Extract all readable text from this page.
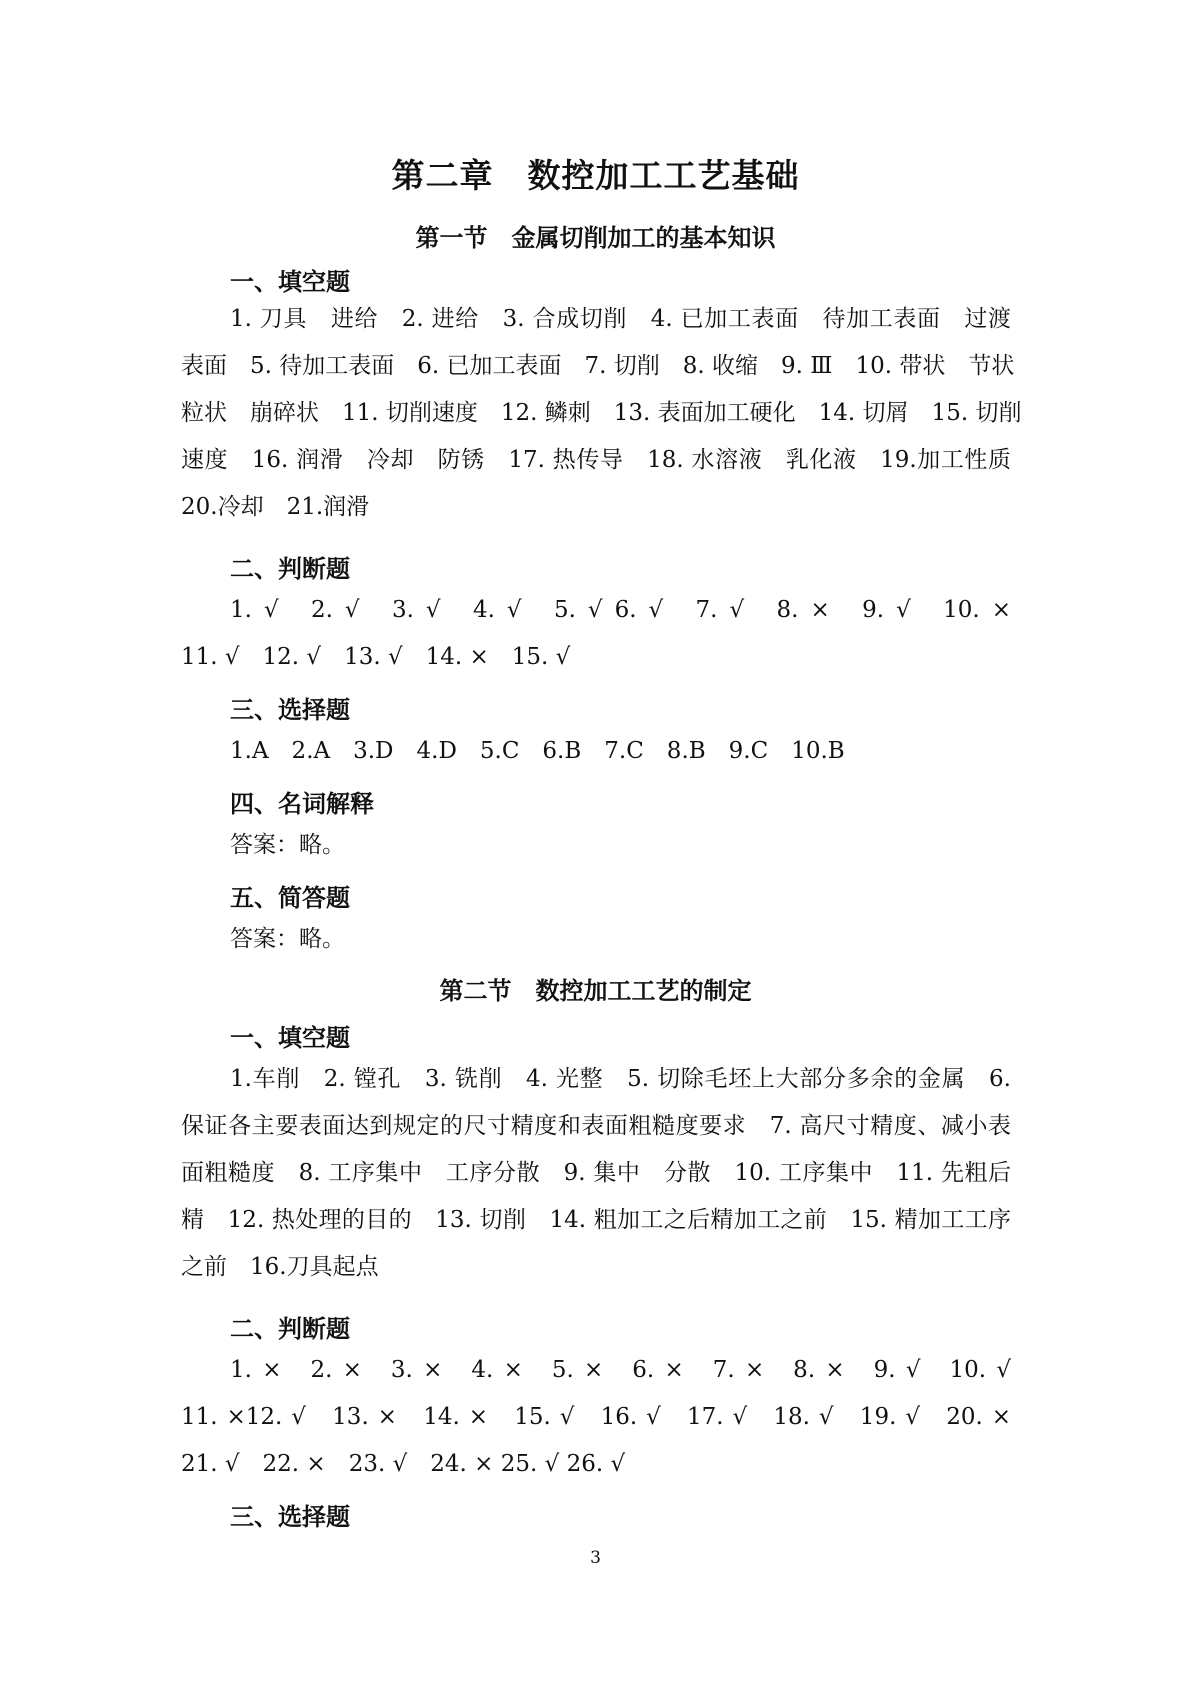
第二章　数控加工工艺基础
第一节　金属切削加工的基本知识
一、填空题
1. 刀具　进给　2. 进给　3. 合成切削　4. 已加工表面　待加工表面　过渡
表面　5. 待加工表面　6. 已加工表面　7. 切削　8. 收缩　9. Ⅲ　10. 带状　节状
粒状　崩碎状　11. 切削速度　12. 鳞刺　13. 表面加工硬化　14. 切屑　15. 切削
速度　16. 润滑　冷却　防锈　17. 热传导　18. 水溶液　乳化液　19.加工性质
20.冷却　21.润滑
二、判断题
1. √　2. √　3. √　4. √　5. √ 6. √　7. √　8. ×　9. √　10. ×
11. √　12. √　13. √　14. ×　15. √
三、选择题
1.A　2.A　3.D　4.D　5.C　6.B　7.C　8.B　9.C　10.B
四、名词解释
答案：略。
五、简答题
答案：略。
第二节　数控加工工艺的制定
一、填空题
1.车削　2. 镗孔　3. 铣削　4. 光整　5. 切除毛坯上大部分多余的金属　6.
保证各主要表面达到规定的尺寸精度和表面粗糙度要求　7. 高尺寸精度、减小表
面粗糙度　8. 工序集中　工序分散　9. 集中　分散　10. 工序集中　11. 先粗后
精　12. 热处理的目的　13. 切削　14. 粗加工之后精加工之前　15. 精加工工序
之前　16.刀具起点
二、判断题
1. ×　2. ×　3. ×　4. ×　5. ×　6. ×　7. ×　8. ×　9. √　10. √
11. ×12. √　13. ×　14. ×　15. √　16. √　17. √　18. √　19. √　20. ×
21. √　22. ×　23. √　24. × 25. √ 26. √
三、选择题
3
